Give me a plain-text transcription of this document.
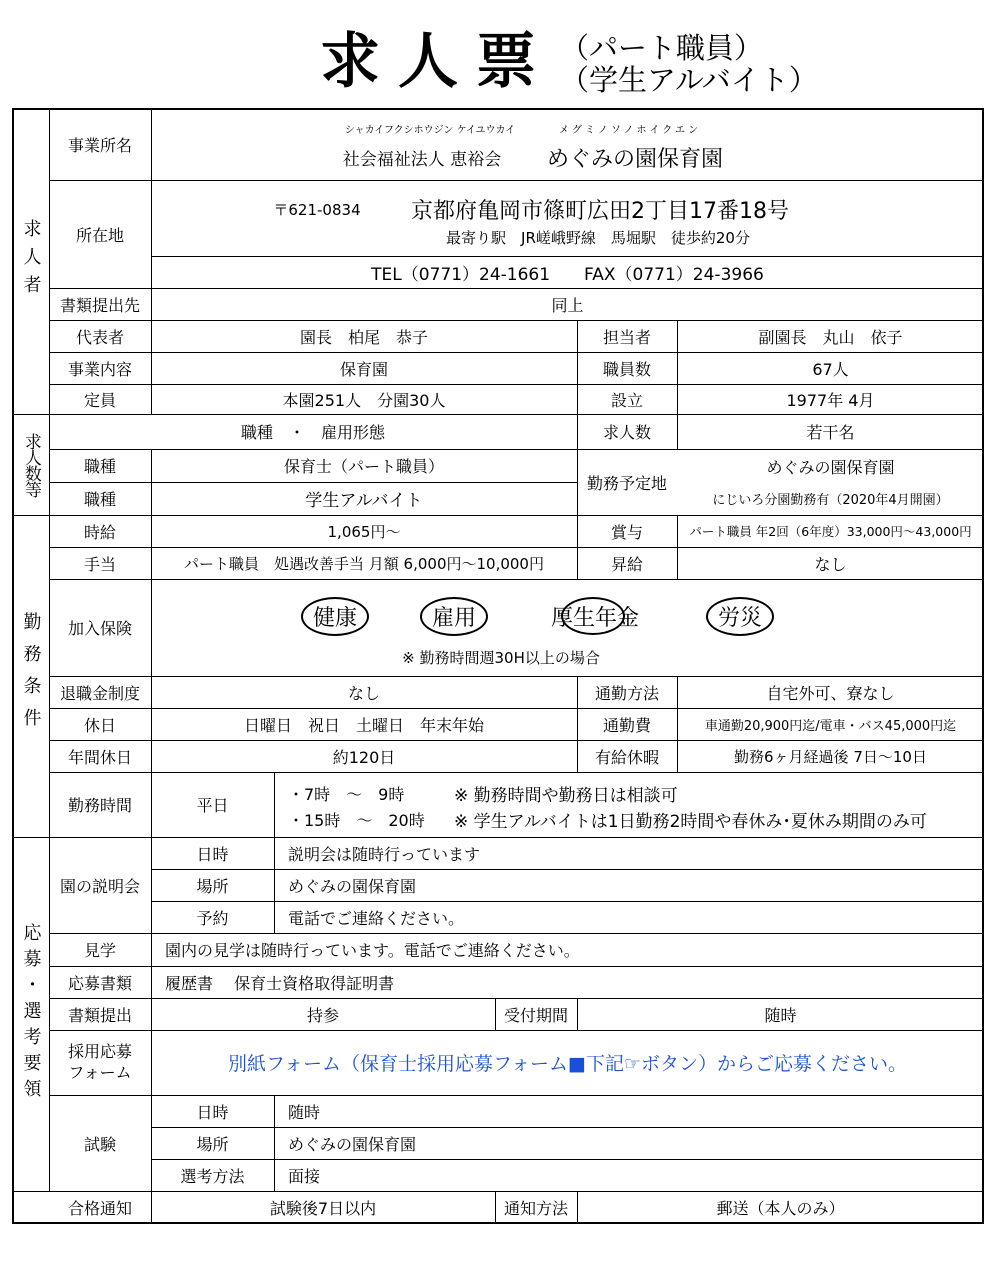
求人票 （パート職員）
（学生アルバイト）
求人者
求人数等
勤務条件
応募・選考要領
事業所名
シャカイフクシホウジン ケイユウカイ	メグミノソノホイクエン
社会福祉法人 恵裕会	めぐみの園保育園
所在地
〒621-0834	京都府亀岡市篠町広田2丁目17番18号
最寄り駅　JR嵯峨野線　馬堀駅　徒歩約20分
TEL（0771）24-1661　　FAX（0771）24-3966
書類提出先	同上
代表者	園長　柏尾　恭子	担当者	副園長　丸山　依子
事業内容	保育園	職員数	67人
定員	本園251人　分園30人	設立	1977年 4月
職種　・　雇用形態	求人数	若干名
職種	保育士（パート職員）
職種	学生アルバイト
勤務予定地
めぐみの園保育園
にじいろ分園勤務有（2020年4月開園）
時給	1,065円～	賞与	パート職員 年2回（6年度）33,000円～43,000円
手当	パート職員　処遇改善手当 月額 6,000円～10,000円	昇給	なし
加入保険	健康	雇用	厚生年金	労災
※ 勤務時間週30H以上の場合
退職金制度	なし	通勤方法	自宅外可、寮なし
休日	日曜日　祝日　土曜日　年末年始	通勤費	車通勤20,900円迄/電車・バス45,000円迄
年間休日	約120日	有給休暇	勤務6ヶ月経過後 7日～10日
勤務時間	平日
・7時　～　9時
・15時　～　20時
※ 勤務時間や勤務日は相談可
※ 学生アルバイトは1日勤務2時間や春休み･夏休み期間のみ可
園の説明会
日時	説明会は随時行っています
場所	めぐみの園保育園
予約	電話でご連絡ください。
見学	園内の見学は随時行っています。電話でご連絡ください。
応募書類	履歴書　 保育士資格取得証明書
書類提出	持参	受付期間	随時
採用応募
フォーム	別紙フォーム（保育士採用応募フォーム■下記☞ボタン）からご応募ください。
試験
日時	随時
場所	めぐみの園保育園
選考方法	面接
合格通知	試験後7日以内	通知方法	郵送（本人のみ）
